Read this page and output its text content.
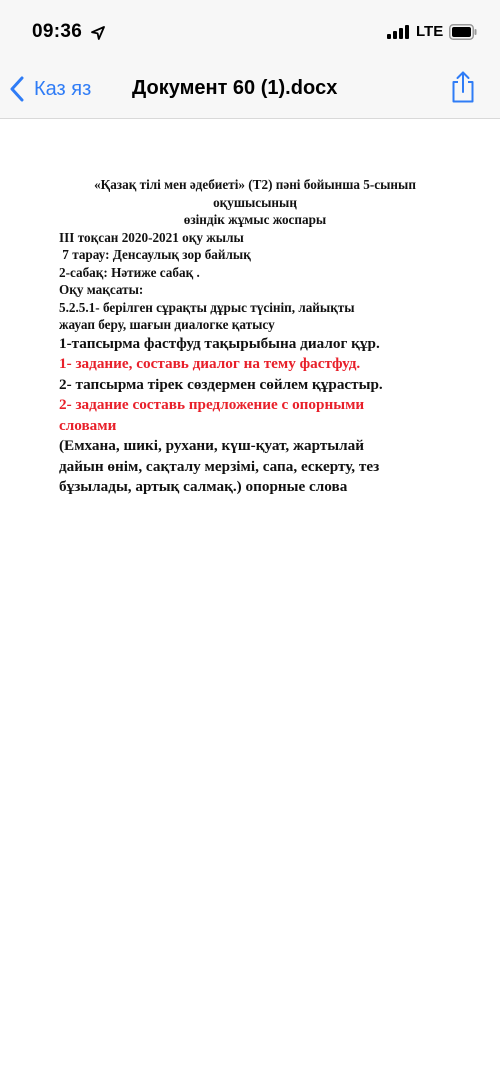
09:36	LTE
Каз яз Документ 60 (1).docx

«Қазақ тілі мен әдебиеті» (Т2) пәні бойынша 5-сынып

оқушысының

өзіндік жұмыс жоспары

ІІІ тоқсан 2020-2021 оқу жылы

7 тарау: Денсаулық зор байлық

2-сабақ: Нәтиже сабақ .

Оқу мақсаты:

5.2.5.1- берілген сұрақты дұрыс түсініп, лайықты

жауап беру, шағын диалогке қатысу

1-тапсырма фастфуд тақырыбына диалог құр.

1- задание, составь диалог на тему фастфуд.

2- тапсырма тірек сөздермен сөйлем құрастыр.

2- задание составь предложение с опорными

словами

(Емхана, шикі, рухани, күш-қуат, жартылай

дайын өнім, сақталу мерзімі, сапа, ескерту, тез

бұзылады, артық салмақ.) опорные слова
